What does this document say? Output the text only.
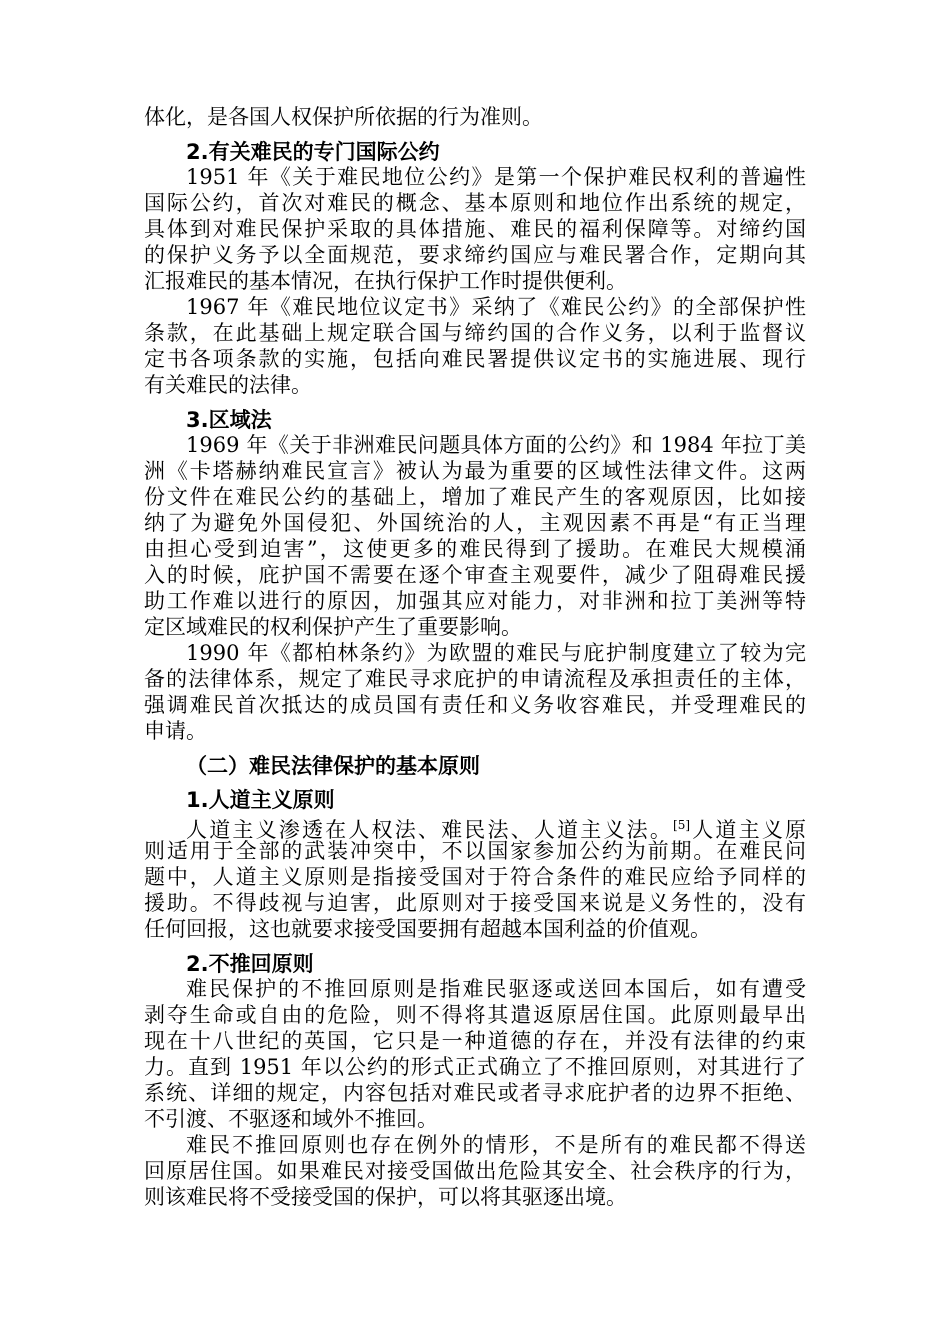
体化，是各国人权保护所依据的行为准则。
2.有关难民的专门国际公约
1951 年《关于难民地位公约》是第一个保护难民权利的普遍性
国际公约，首次对难民的概念、基本原则和地位作出系统的规定，
具体到对难民保护采取的具体措施、难民的福利保障等。对缔约国
的保护义务予以全面规范，要求缔约国应与难民署合作，定期向其
汇报难民的基本情况，在执行保护工作时提供便利。
1967 年《难民地位议定书》采纳了《难民公约》的全部保护性
条款，在此基础上规定联合国与缔约国的合作义务，以利于监督议
定书各项条款的实施，包括向难民署提供议定书的实施进展、现行
有关难民的法律。
3.区域法
1969 年《关于非洲难民问题具体方面的公约》和 1984 年拉丁美
洲《卡塔赫纳难民宣言》被认为最为重要的区域性法律文件。这两
份文件在难民公约的基础上，增加了难民产生的客观原因，比如接
纳了为避免外国侵犯、外国统治的人，主观因素不再是“有正当理
由担心受到迫害”，这使更多的难民得到了援助。在难民大规模涌
入的时候，庇护国不需要在逐个审查主观要件，减少了阻碍难民援
助工作难以进行的原因，加强其应对能力，对非洲和拉丁美洲等特
定区域难民的权利保护产生了重要影响。
1990 年《都柏林条约》为欧盟的难民与庇护制度建立了较为完
备的法律体系，规定了难民寻求庇护的申请流程及承担责任的主体，
强调难民首次抵达的成员国有责任和义务收容难民，并受理难民的
申请。
（二）难民法律保护的基本原则
1.人道主义原则
人道主义渗透在人权法、难民法、人道主义法。[5]人道主义原
则适用于全部的武装冲突中，不以国家参加公约为前期。在难民问
题中，人道主义原则是指接受国对于符合条件的难民应给予同样的
援助。不得歧视与迫害，此原则对于接受国来说是义务性的，没有
任何回报，这也就要求接受国要拥有超越本国利益的价值观。
2.不推回原则
难民保护的不推回原则是指难民驱逐或送回本国后，如有遭受
剥夺生命或自由的危险，则不得将其遣返原居住国。此原则最早出
现在十八世纪的英国，它只是一种道德的存在，并没有法律的约束
力。直到 1951 年以公约的形式正式确立了不推回原则，对其进行了
系统、详细的规定，内容包括对难民或者寻求庇护者的边界不拒绝、
不引渡、不驱逐和域外不推回。
难民不推回原则也存在例外的情形，不是所有的难民都不得送
回原居住国。如果难民对接受国做出危险其安全、社会秩序的行为，
则该难民将不受接受国的保护，可以将其驱逐出境。
